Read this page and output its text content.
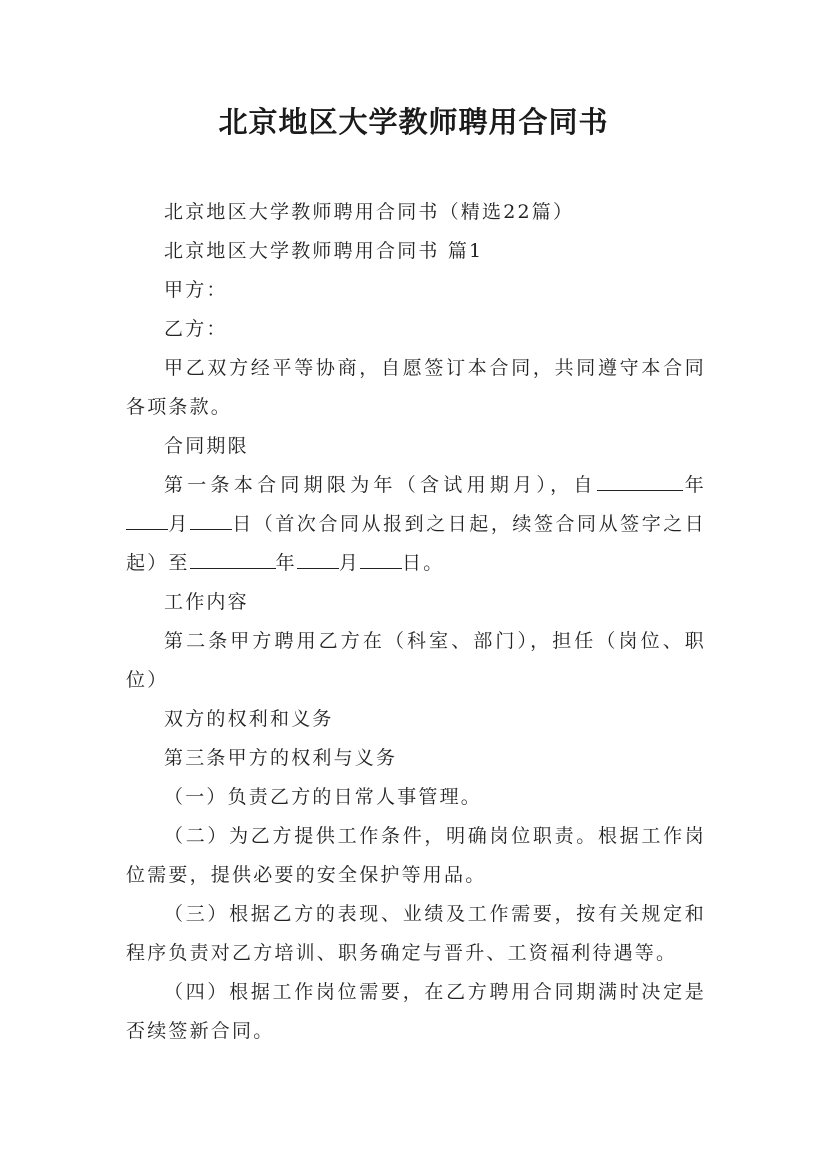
北京地区大学教师聘用合同书

北京地区大学教师聘用合同书（精选22篇）

北京地区大学教师聘用合同书 篇1

甲方：

乙方：

甲乙双方经平等协商，自愿签订本合同，共同遵守本合同各项条款。

合同期限

第一条本合同期限为年（含试用期月），自	年月 日（首次合同从报到之日起，续签合同从签字之日起）至	年 月 日。

工作内容

第二条甲方聘用乙方在（科室、部门），担任（岗位、职位）

双方的权利和义务

第三条甲方的权利与义务

（一）负责乙方的日常人事管理。

（二）为乙方提供工作条件，明确岗位职责。根据工作岗位需要，提供必要的安全保护等用品。

（三）根据乙方的表现、业绩及工作需要，按有关规定和程序负责对乙方培训、职务确定与晋升、工资福利待遇等。

（四）根据工作岗位需要，在乙方聘用合同期满时决定是否续签新合同。
